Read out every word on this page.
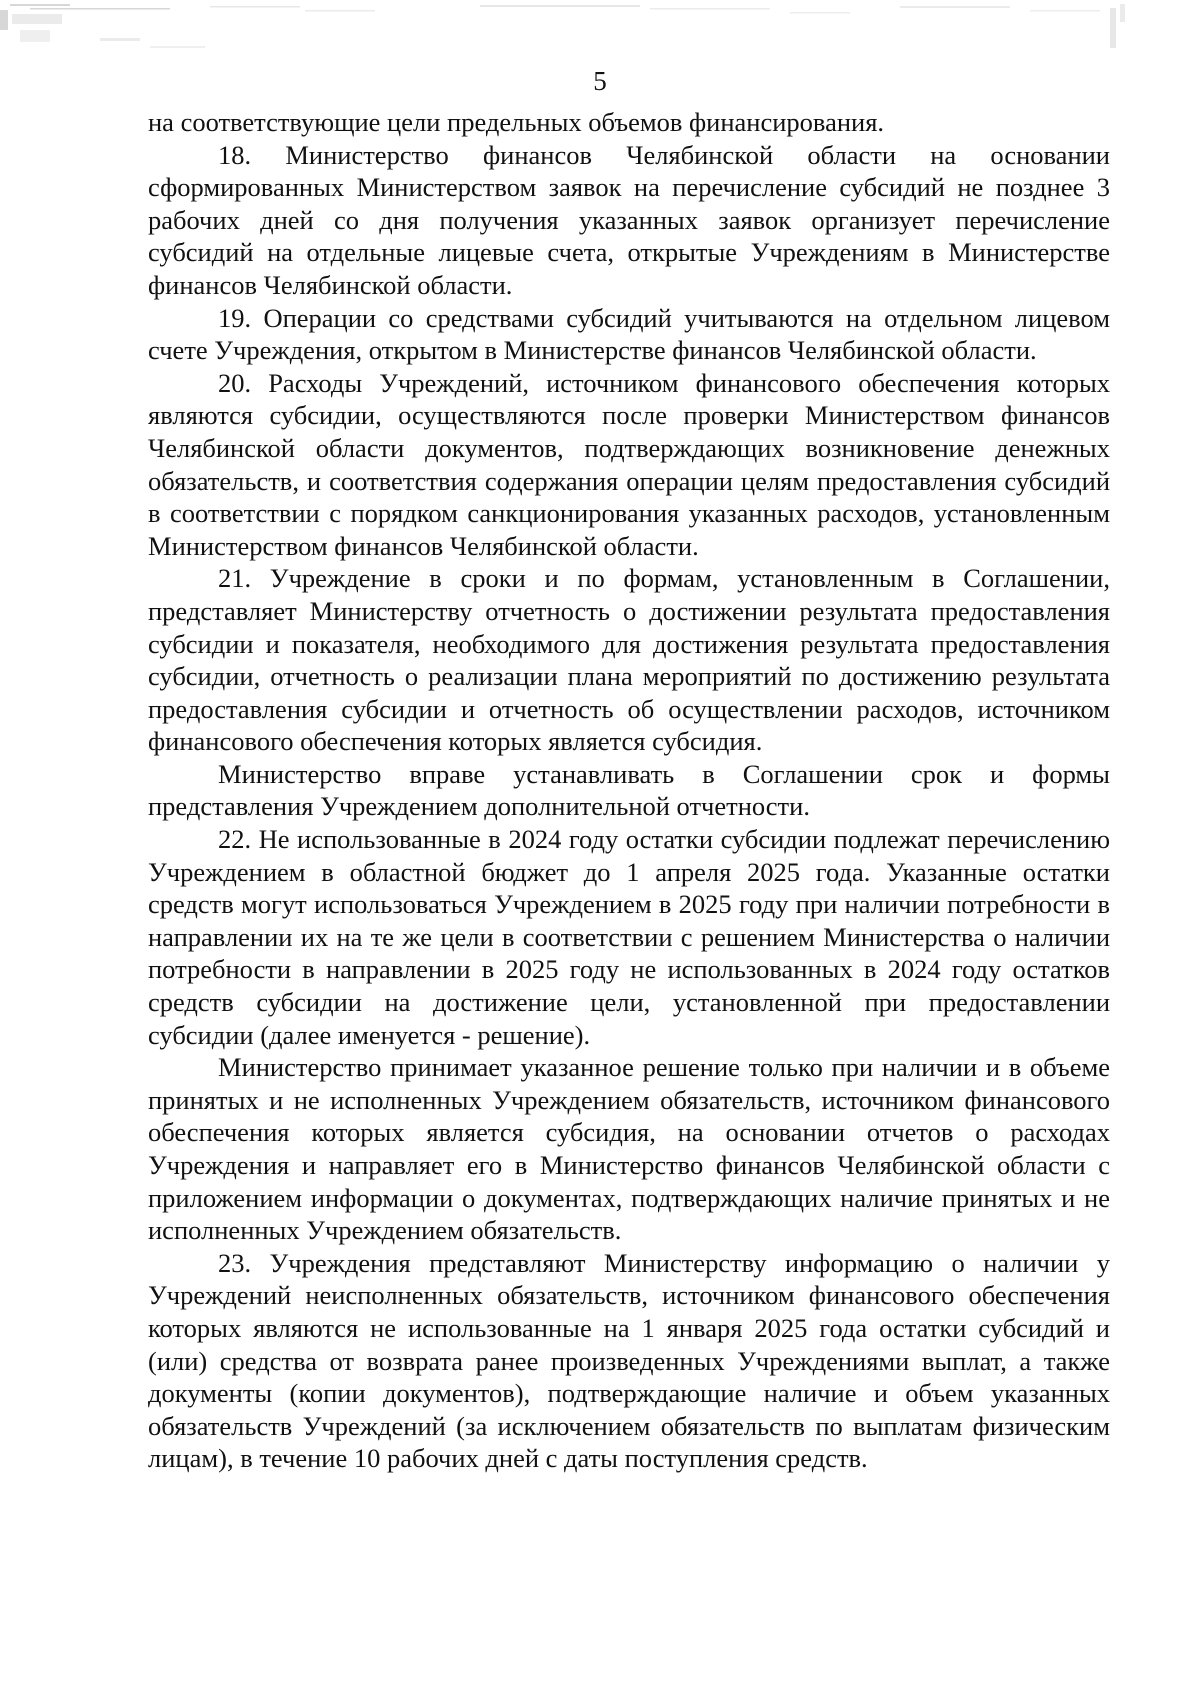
5

на соответствующие цели предельных объемов финансирования.

18. Министерство финансов Челябинской области на основании сформированных Министерством заявок на перечисление субсидий не позднее 3 рабочих дней со дня получения указанных заявок организует перечисление субсидий на отдельные лицевые счета, открытые Учреждениям в Министерстве финансов Челябинской области.

19. Операции со средствами субсидий учитываются на отдельном лицевом счете Учреждения, открытом в Министерстве финансов Челябинской области.

20. Расходы Учреждений, источником финансового обеспечения которых являются субсидии, осуществляются после проверки Министерством финансов Челябинской области документов, подтверждающих возникновение денежных обязательств, и соответствия содержания операции целям предоставления субсидий в соответствии с порядком санкционирования указанных расходов, установленным Министерством финансов Челябинской области.

21. Учреждение в сроки и по формам, установленным в Соглашении, представляет Министерству отчетность о достижении результата предоставления субсидии и показателя, необходимого для достижения результата предоставления субсидии, отчетность о реализации плана мероприятий по достижению результата предоставления субсидии и отчетность об осуществлении расходов, источником финансового обеспечения которых является субсидия.

Министерство вправе устанавливать в Соглашении срок и формы представления Учреждением дополнительной отчетности.

22. Не использованные в 2024 году остатки субсидии подлежат перечислению Учреждением в областной бюджет до 1 апреля 2025 года. Указанные остатки средств могут использоваться Учреждением в 2025 году при наличии потребности в направлении их на те же цели в соответствии с решением Министерства о наличии потребности в направлении в 2025 году не использованных в 2024 году остатков средств субсидии на достижение цели, установленной при предоставлении субсидии (далее именуется - решение).

Министерство принимает указанное решение только при наличии и в объеме принятых и не исполненных Учреждением обязательств, источником финансового обеспечения которых является субсидия, на основании отчетов о расходах Учреждения и направляет его в Министерство финансов Челябинской области с приложением информации о документах, подтверждающих наличие принятых и не исполненных Учреждением обязательств.

23. Учреждения представляют Министерству информацию о наличии у Учреждений неисполненных обязательств, источником финансового обеспечения которых являются не использованные на 1 января 2025 года остатки субсидий и (или) средства от возврата ранее произведенных Учреждениями выплат, а также документы (копии документов), подтверждающие наличие и объем указанных обязательств Учреждений (за исключением обязательств по выплатам физическим лицам), в течение 10 рабочих дней с даты поступления средств.
